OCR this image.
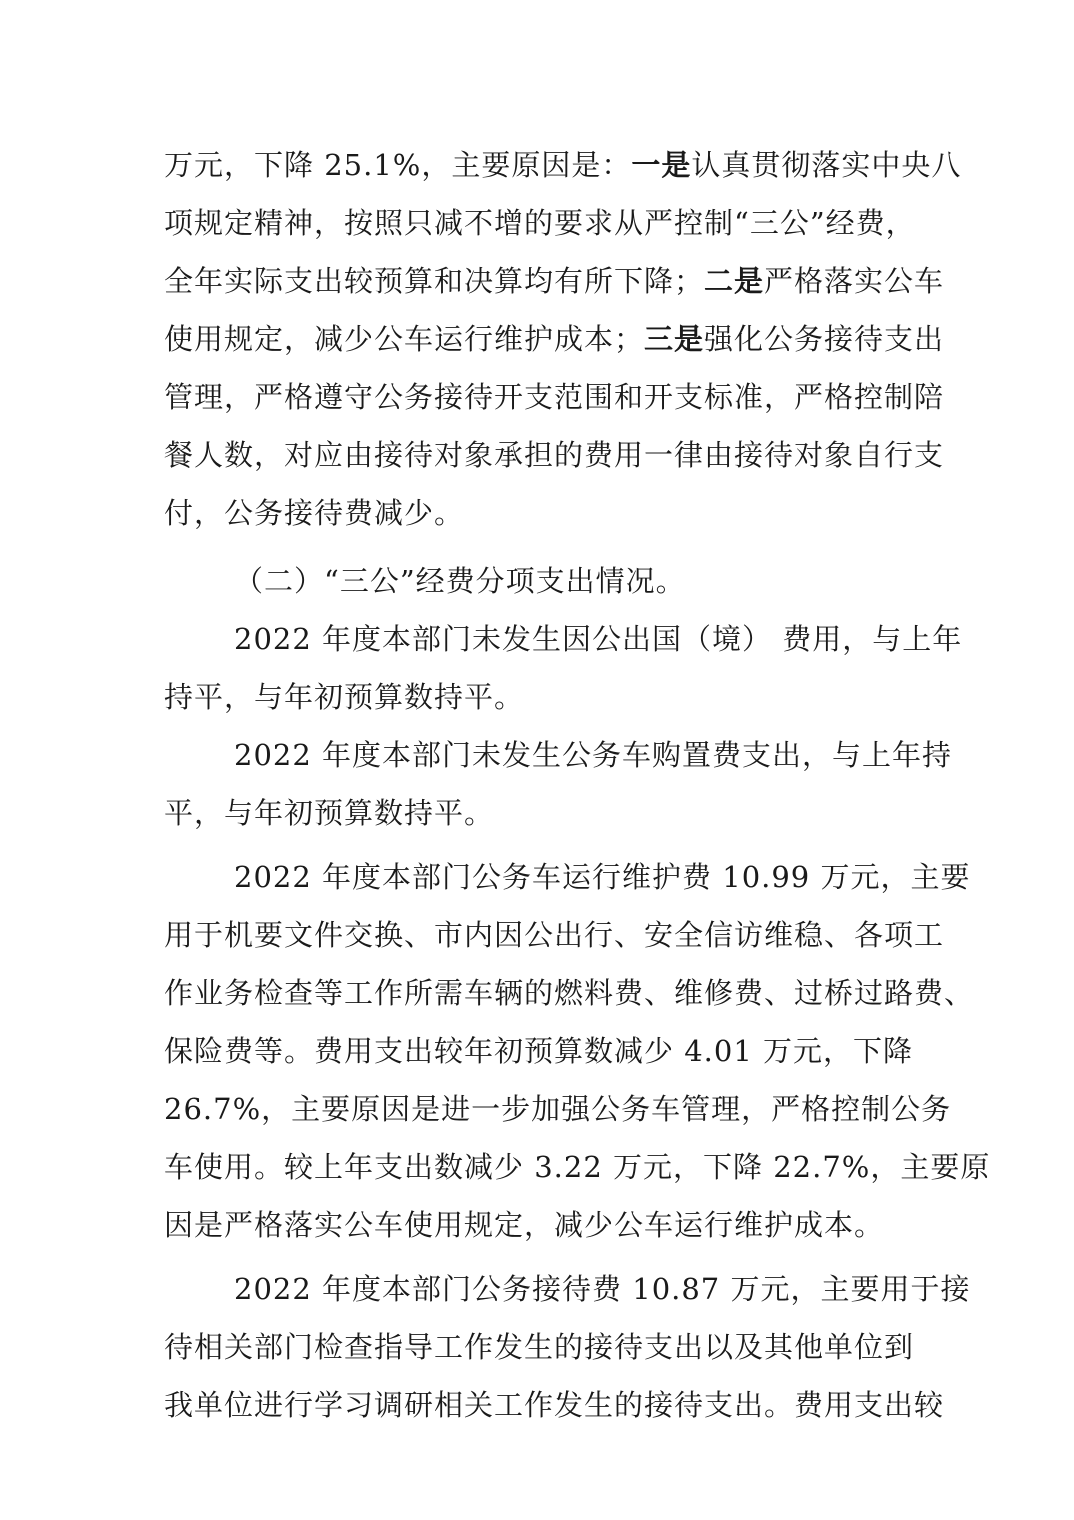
万元，下降 25.1%，主要原因是：一是认真贯彻落实中央八
项规定精神，按照只减不增的要求从严控制“三公”经费，
全年实际支出较预算和决算均有所下降；二是严格落实公车
使用规定，减少公车运行维护成本；三是强化公务接待支出
管理，严格遵守公务接待开支范围和开支标准，严格控制陪
餐人数，对应由接待对象承担的费用一律由接待对象自行支
付，公务接待费减少。
（二）“三公”经费分项支出情况。
2022 年度本部门未发生因公出国（境） 费用，与上年
持平，与年初预算数持平。
2022 年度本部门未发生公务车购置费支出，与上年持
平，与年初预算数持平。
2022 年度本部门公务车运行维护费 10.99 万元，主要
用于机要文件交换、市内因公出行、安全信访维稳、各项工
作业务检查等工作所需车辆的燃料费、维修费、过桥过路费、
保险费等。费用支出较年初预算数减少 4.01 万元，下降
26.7%，主要原因是进一步加强公务车管理，严格控制公务
车使用。较上年支出数减少 3.22 万元，下降 22.7%，主要原
因是严格落实公车使用规定，减少公车运行维护成本。
2022 年度本部门公务接待费 10.87 万元，主要用于接
待相关部门检查指导工作发生的接待支出以及其他单位到
我单位进行学习调研相关工作发生的接待支出。费用支出较
